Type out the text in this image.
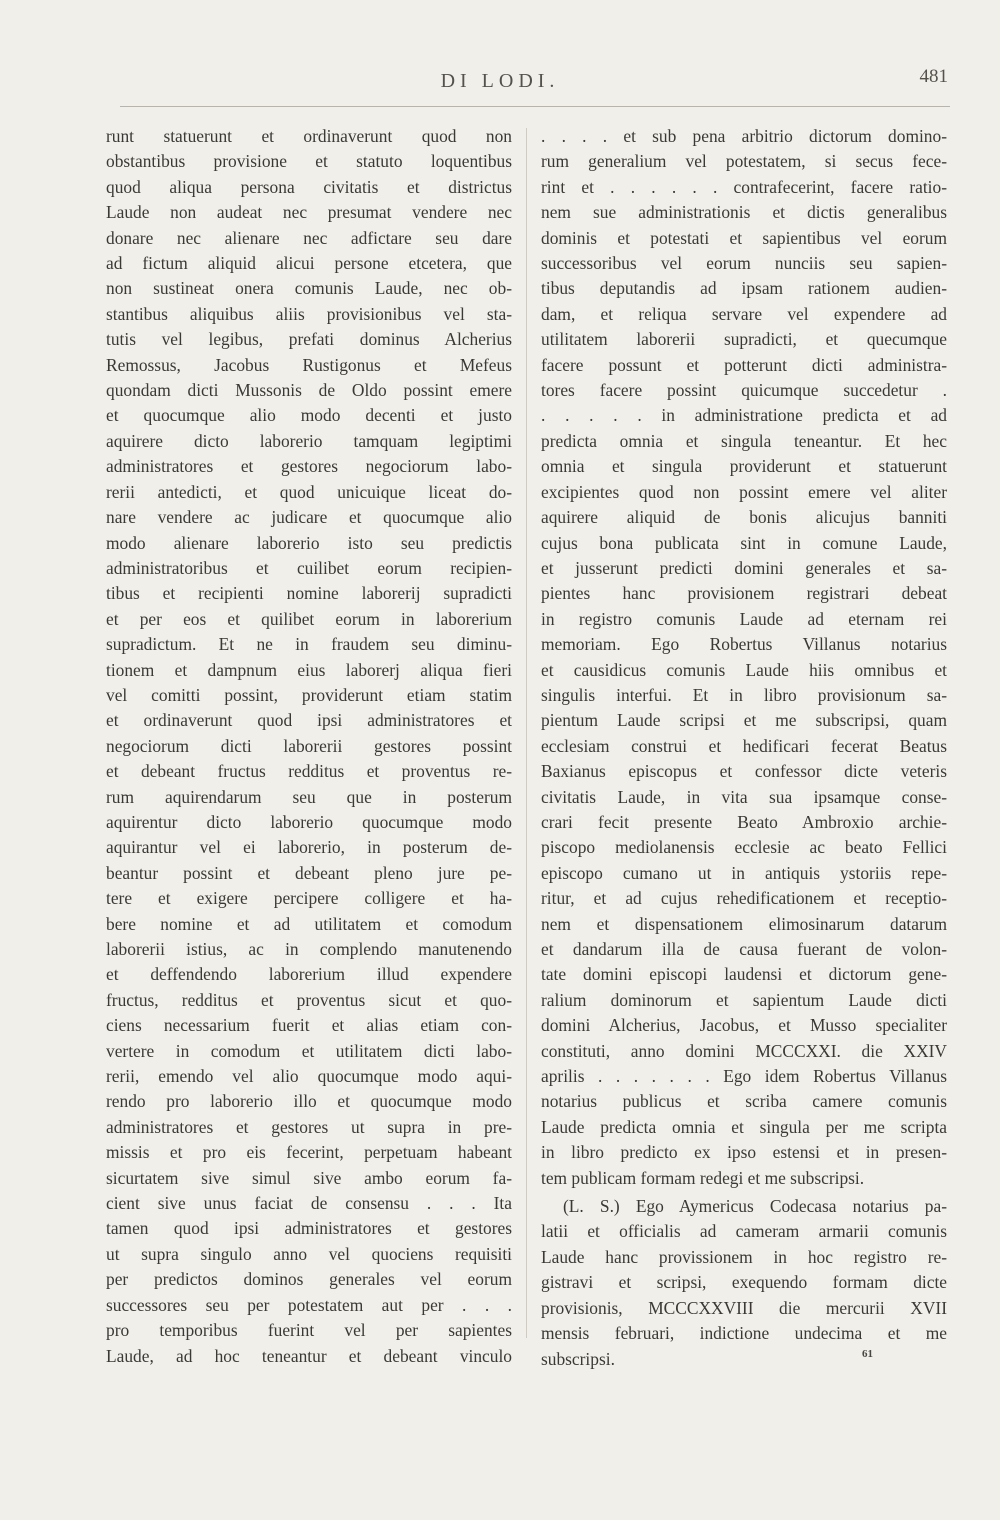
DI LODI.	481
runt statuerunt et ordinaverunt quod non
obstantibus provisione et statuto loquentibus
quod aliqua persona civitatis et districtus
Laude non audeat nec presumat vendere nec
donare nec alienare nec adfictare seu dare
ad fictum aliquid alicui persone etcetera, que
non sustineat onera comunis Laude, nec ob-
stantibus aliquibus aliis provisionibus vel sta-
tutis vel legibus, prefati dominus Alcherius
Remossus, Jacobus Rustigonus et Mefeus
quondam dicti Mussonis de Oldo possint emere
et quocumque alio modo decenti et justo
aquirere dicto laborerio tamquam legiptimi
administratores et gestores negociorum labo-
rerii antedicti, et quod unicuique liceat do-
nare vendere ac judicare et quocumque alio
modo alienare laborerio isto seu predictis
administratoribus et cuilibet eorum recipien-
tibus et recipienti nomine laborerij supradicti
et per eos et quilibet eorum in laborerium
supradictum. Et ne in fraudem seu diminu-
tionem et dampnum eius laborerj aliqua fieri
vel comitti possint, providerunt etiam statim
et ordinaverunt quod ipsi administratores et
negociorum dicti laborerii gestores possint
et debeant fructus redditus et proventus re-
rum aquirendarum seu que in posterum
aquirentur dicto laborerio quocumque modo
aquirantur vel ei laborerio, in posterum de-
beantur possint et debeant pleno jure pe-
tere et exigere percipere colligere et ha-
bere nomine et ad utilitatem et comodum
laborerii istius, ac in complendo manutenendo
et deffendendo laborerium illud expendere
fructus, redditus et proventus sicut et quo-
ciens necessarium fuerit et alias etiam con-
vertere in comodum et utilitatem dicti labo-
rerii, emendo vel alio quocumque modo aqui-
rendo pro laborerio illo et quocumque modo
administratores et gestores ut supra in pre-
missis et pro eis fecerint, perpetuam habeant
sicurtatem sive simul sive ambo eorum fa-
cient sive unus faciat de consensu . . . Ita
tamen quod ipsi administratores et gestores
ut supra singulo anno vel quociens requisiti
per predictos dominos generales vel eorum
successores seu per potestatem aut per . . .
pro temporibus fuerint vel per sapientes
Laude, ad hoc teneantur et debeant vinculo
. . . . et sub pena arbitrio dictorum domino-
rum generalium vel potestatem, si secus fece-
rint et . . . . . . contrafecerint, facere ratio-
nem sue administrationis et dictis generalibus
dominis et potestati et sapientibus vel eorum
successoribus vel eorum nunciis seu sapien-
tibus deputandis ad ipsam rationem audien-
dam, et reliqua servare vel expendere ad
utilitatem laborerii supradicti, et quecumque
facere possunt et potterunt dicti administra-
tores facere possint quicumque succedetur .
. . . . . in administratione predicta et ad
predicta omnia et singula teneantur. Et hec
omnia et singula providerunt et statuerunt
excipientes quod non possint emere vel aliter
aquirere aliquid de bonis alicujus banniti
cujus bona publicata sint in comune Laude,
et jusserunt predicti domini generales et sa-
pientes hanc provisionem registrari debeat
in registro comunis Laude ad eternam rei
memoriam. Ego Robertus Villanus notarius
et causidicus comunis Laude hiis omnibus et
singulis interfui. Et in libro provisionum sa-
pientum Laude scripsi et me subscripsi, quam
ecclesiam construi et hedificari fecerat Beatus
Baxianus episcopus et confessor dicte veteris
civitatis Laude, in vita sua ipsamque conse-
crari fecit presente Beato Ambroxio archie-
piscopo mediolanensis ecclesie ac beato Fellici
episcopo cumano ut in antiquis ystoriis repe-
ritur, et ad cujus rehedificationem et receptio-
nem et dispensationem elimosinarum datarum
et dandarum illa de causa fuerant de volon-
tate domini episcopi laudensi et dictorum gene-
ralium dominorum et sapientum Laude dicti
domini Alcherius, Jacobus, et Musso specialiter
constituti, anno domini MCCCXXI. die XXIV
aprilis . . . . . . . Ego idem Robertus Villanus
notarius publicus et scriba camere comunis
Laude predicta omnia et singula per me scripta
in libro predicto ex ipso estensi et in presen-
tem publicam formam redegi et me subscripsi.
(L. S.) Ego Aymericus Codecasa notarius pa-
latii et officialis ad cameram armarii comunis
Laude hanc provissionem in hoc registro re-
gistravi et scripsi, exequendo formam dicte
provisionis, MCCCXXVIII die mercurii XVII
mensis februari, indictione undecima et me
subscripsi.	61
